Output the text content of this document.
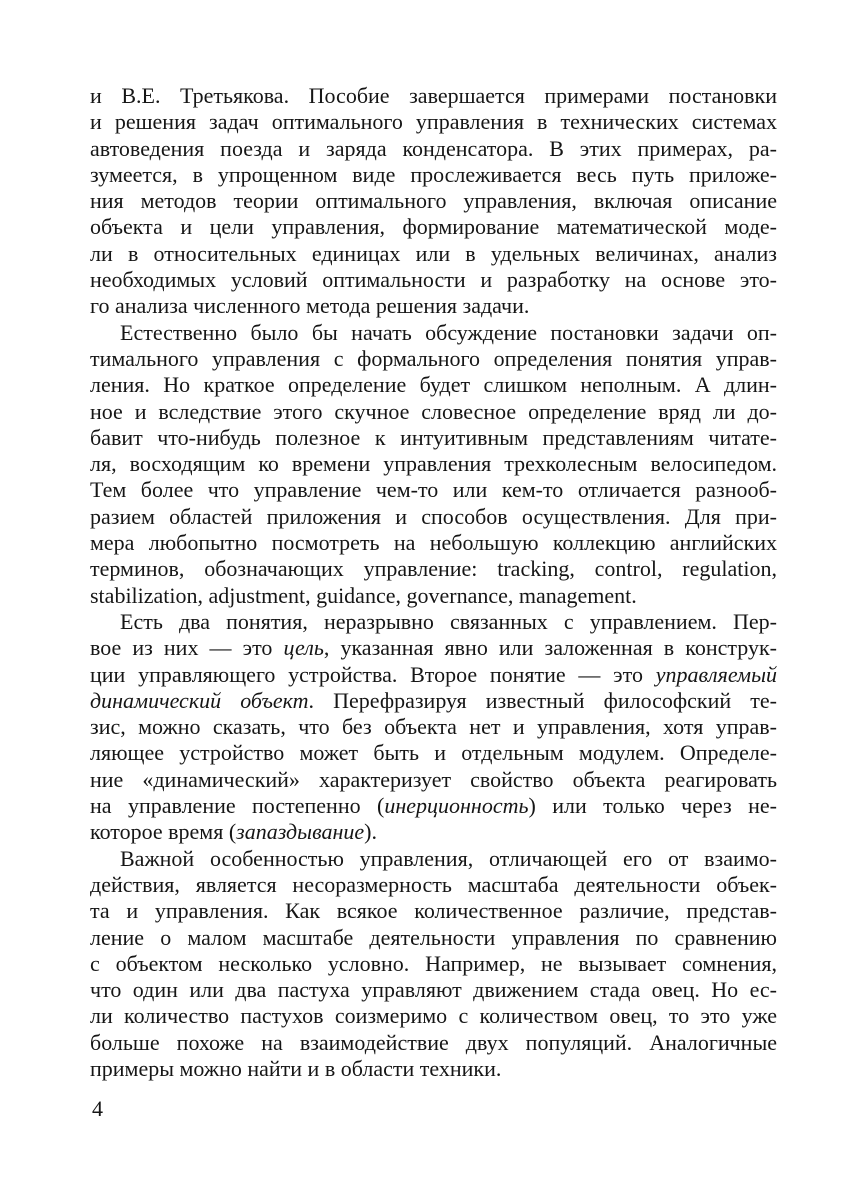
и В.Е. Третьякова. Пособие завершается примерами постановки
и решения задач оптимального управления в технических системах
автоведения поезда и заряда конденсатора. В этих примерах, ра-
зумеется, в упрощенном виде прослеживается весь путь приложе-
ния методов теории оптимального управления, включая описание
объекта и цели управления, формирование математической моде-
ли в относительных единицах или в удельных величинах, анализ
необходимых условий оптимальности и разработку на основе это-
го анализа численного метода решения задачи.
Естественно было бы начать обсуждение постановки задачи оп-
тимального управления с формального определения понятия управ-
ления. Но краткое определение будет слишком неполным. А длин-
ное и вследствие этого скучное словесное определение вряд ли до-
бавит что-нибудь полезное к интуитивным представлениям читате-
ля, восходящим ко времени управления трехколесным велосипедом.
Тем более что управление чем-то или кем-то отличается разнооб-
разием областей приложения и способов осуществления. Для при-
мера любопытно посмотреть на небольшую коллекцию английских
терминов, обозначающих управление: tracking, control, regulation,
stabilization, adjustment, guidance, governance, management.
Есть два понятия, неразрывно связанных с управлением. Пер-
вое из них — это цель, указанная явно или заложенная в конструк-
ции управляющего устройства. Второе понятие — это управляемый
динамический объект. Перефразируя известный философский те-
зис, можно сказать, что без объекта нет и управления, хотя управ-
ляющее устройство может быть и отдельным модулем. Определе-
ние «динамический» характеризует свойство объекта реагировать
на управление постепенно (инерционность) или только через не-
которое время (запаздывание).
Важной особенностью управления, отличающей его от взаимо-
действия, является несоразмерность масштаба деятельности объек-
та и управления. Как всякое количественное различие, представ-
ление о малом масштабе деятельности управления по сравнению
с объектом несколько условно. Например, не вызывает сомнения,
что один или два пастуха управляют движением стада овец. Но ес-
ли количество пастухов соизмеримо с количеством овец, то это уже
больше похоже на взаимодействие двух популяций. Аналогичные
примеры можно найти и в области техники.
4
